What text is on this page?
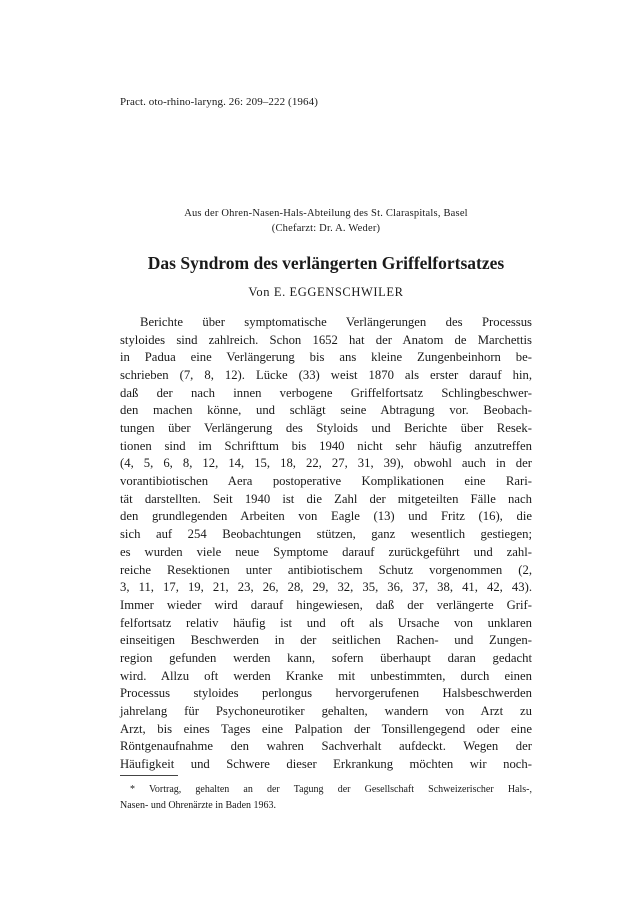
Pract. oto-rhino-laryng. 26: 209–222 (1964)
Aus der Ohren-Nasen-Hals-Abteilung des St. Claraspitals, Basel
(Chefarzt: Dr. A. Weder)
Das Syndrom des verlängerten Griffelfortsatzes
Von E. EGGENSCHWILER
Berichte über symptomatische Verlängerungen des Processus
styloides sind zahlreich. Schon 1652 hat der Anatom de Marchettis
in Padua eine Verlängerung bis ans kleine Zungenbeinhorn be-
schrieben (7, 8, 12). Lücke (33) weist 1870 als erster darauf hin,
daß der nach innen verbogene Griffelfortsatz Schlingbeschwer-
den machen könne, und schlägt seine Abtragung vor. Beobach-
tungen über Verlängerung des Styloids und Berichte über Resek-
tionen sind im Schrifttum bis 1940 nicht sehr häufig anzutreffen
(4, 5, 6, 8, 12, 14, 15, 18, 22, 27, 31, 39), obwohl auch in der
vorantibiotischen Aera postoperative Komplikationen eine Rari-
tät darstellten. Seit 1940 ist die Zahl der mitgeteilten Fälle nach
den grundlegenden Arbeiten von Eagle (13) und Fritz (16), die
sich auf 254 Beobachtungen stützen, ganz wesentlich gestiegen;
es wurden viele neue Symptome darauf zurückgeführt und zahl-
reiche Resektionen unter antibiotischem Schutz vorgenommen (2,
3, 11, 17, 19, 21, 23, 26, 28, 29, 32, 35, 36, 37, 38, 41, 42, 43).
Immer wieder wird darauf hingewiesen, daß der verlängerte Grif-
felfortsatz relativ häufig ist und oft als Ursache von unklaren
einseitigen Beschwerden in der seitlichen Rachen- und Zungen-
region gefunden werden kann, sofern überhaupt daran gedacht
wird. Allzu oft werden Kranke mit unbestimmten, durch einen
Processus styloides perlongus hervorgerufenen Halsbeschwerden
jahrelang für Psychoneurotiker gehalten, wandern von Arzt zu
Arzt, bis eines Tages eine Palpation der Tonsillengegend oder eine
Röntgenaufnahme den wahren Sachverhalt aufdeckt. Wegen der
Häufigkeit und Schwere dieser Erkrankung möchten wir noch-
* Vortrag, gehalten an der Tagung der Gesellschaft Schweizerischer Hals-,
Nasen- und Ohrenärzte in Baden 1963.
